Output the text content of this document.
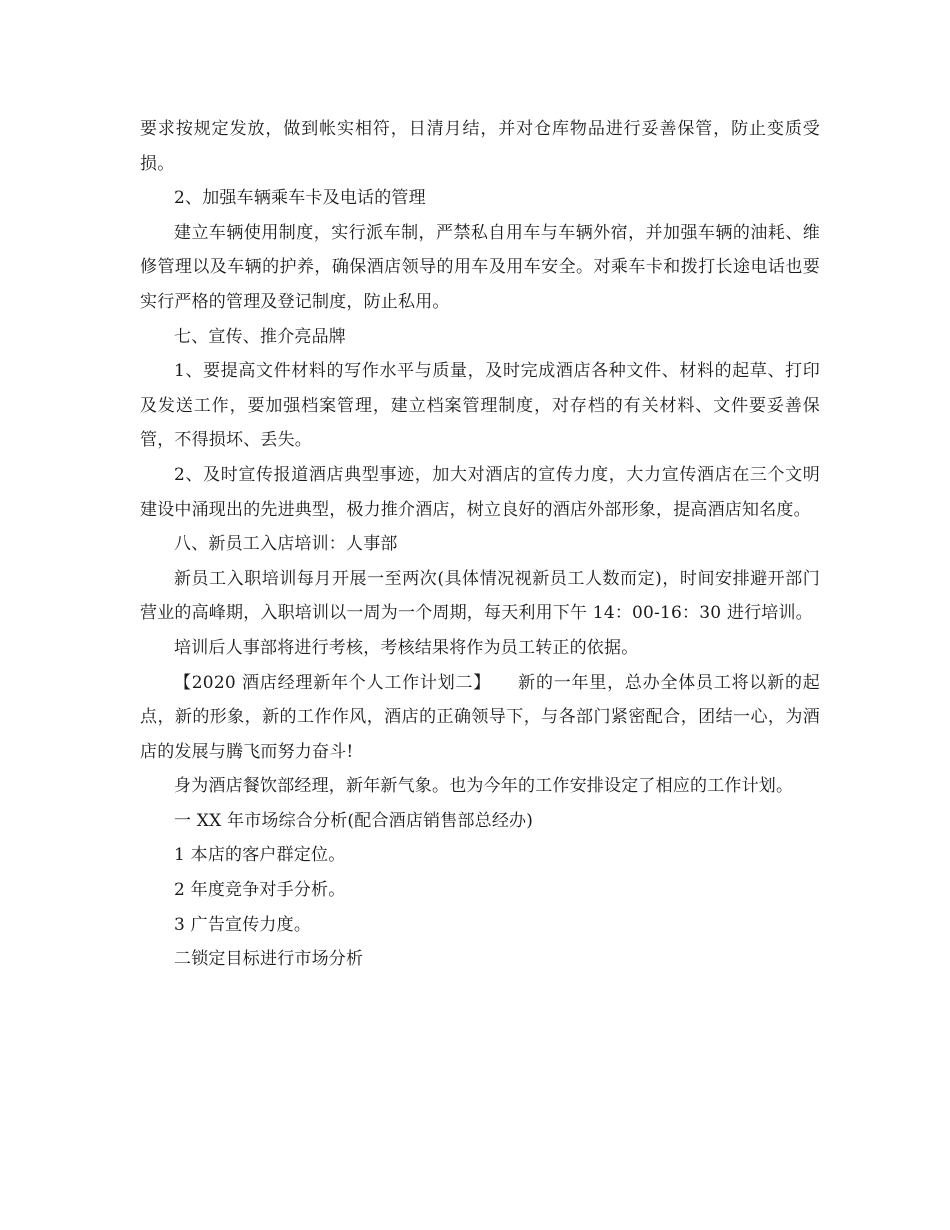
要求按规定发放，做到帐实相符，日清月结，并对仓库物品进行妥善保管，防止变质受损。

2、加强车辆乘车卡及电话的管理

建立车辆使用制度，实行派车制，严禁私自用车与车辆外宿，并加强车辆的油耗、维修管理以及车辆的护养，确保酒店领导的用车及用车安全。对乘车卡和拨打长途电话也要实行严格的管理及登记制度，防止私用。

七、宣传、推介亮品牌

1、要提高文件材料的写作水平与质量，及时完成酒店各种文件、材料的起草、打印及发送工作，要加强档案管理，建立档案管理制度，对存档的有关材料、文件要妥善保管，不得损坏、丢失。

2、及时宣传报道酒店典型事迹，加大对酒店的宣传力度，大力宣传酒店在三个文明建设中涌现出的先进典型，极力推介酒店，树立良好的酒店外部形象，提高酒店知名度。

八、新员工入店培训：人事部

新员工入职培训每月开展一至两次(具体情况视新员工人数而定)，时间安排避开部门营业的高峰期，入职培训以一周为一个周期，每天利用下午 14：00-16：30 进行培训。

培训后人事部将进行考核，考核结果将作为员工转正的依据。

【2020 酒店经理新年个人工作计划二】　　新的一年里，总办全体员工将以新的起点，新的形象，新的工作作风，酒店的正确领导下，与各部门紧密配合，团结一心，为酒店的发展与腾飞而努力奋斗!

身为酒店餐饮部经理，新年新气象。也为今年的工作安排设定了相应的工作计划。

一 XX 年市场综合分析(配合酒店销售部总经办)

1 本店的客户群定位。

2 年度竞争对手分析。

3 广告宣传力度。

二锁定目标进行市场分析
